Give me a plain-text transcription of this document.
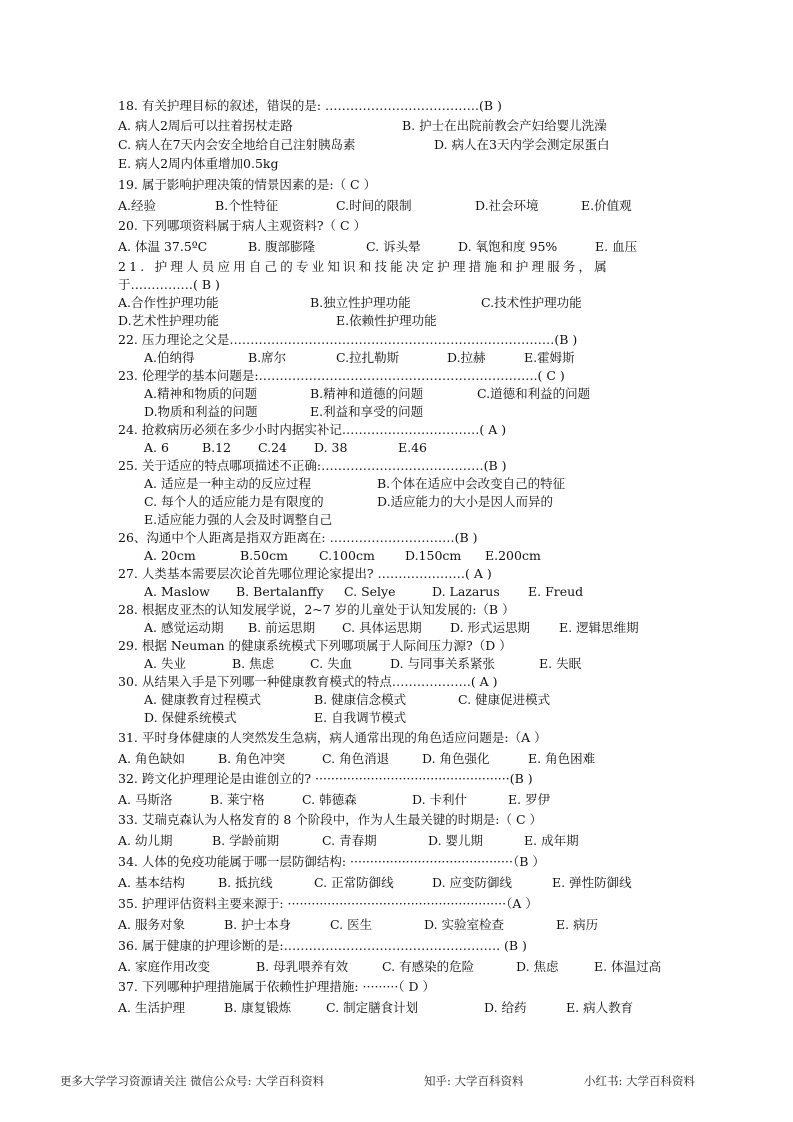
18. 有关护理目标的叙述，错误的是: ……………………………….(B )
A. 病人2周后可以拄着拐杖走路	B. 护士在出院前教会产妇给婴儿洗澡
C. 病人在7天内会安全地给自己注射胰岛素	D. 病人在3天内学会测定尿蛋白
E. 病人2周内体重增加0.5kg
19. 属于影响护理决策的情景因素的是:（ C ）
A.经验	B.个性特征	C.时间的限制	D.社会环境	E.价值观
20. 下列哪项资料属于病人主观资料?（ C ）
A. 体温 37.5ºC	B. 腹部膨隆	C. 诉头晕	D. 氧饱和度 95%	E. 血压
21. 护理人员应用自己的专业知识和技能决定护理措施和护理服务，属
于……………( B )
A.合作性护理功能	B.独立性护理功能	C.技术性护理功能
D.艺术性护理功能	E.依赖性护理功能
22. 压力理论之父是……………………………………………………………………(B )
A.伯纳得	B.席尔	C.拉扎勒斯	D.拉赫	E.霍姆斯
23. 伦理学的基本问题是:………………………………………………………….( C )
A.精神和物质的问题	B.精神和道德的问题	C.道德和利益的问题
D.物质和利益的问题	E.利益和享受的问题
24. 抢救病历必须在多少小时内据实补记……………………………( A )
A. 6	B.12 C.24 D. 38	E.46
25. 关于适应的特点哪项描述不正确:…………………………………(B )
A. 适应是一种主动的反应过程	B.个体在适应中会改变自己的特征
C. 每个人的适应能力是有限度的	D.适应能力的大小是因人而异的
E.适应能力强的人会及时调整自己
26、沟通中个人距离是指双方距离在: …………………………(B )
A. 20cm	B.50cm C.100cm D.150cm E.200cm
27. 人类基本需要层次论首先哪位理论家提出? …………………( A )
A. Maslow B. Bertalanffy C. Selye	D. Lazarus E. Freud
28. 根据皮亚杰的认知发展学说，2~7 岁的儿童处于认知发展的:（B ）
A. 感觉运动期 B. 前运思期 C. 具体运思期 D. 形式运思期 E. 逻辑思维期
29. 根据 Neuman 的健康系统模式下列哪项属于人际间压力源?（D ）
A. 失业	B. 焦虑	C. 失血	D. 与同事关系紧张	E. 失眠
30. 从结果入手是下列哪一种健康教育模式的特点……………….( A )
A. 健康教育过程模式	B. 健康信念模式	C. 健康促进模式
D. 保健系统模式	E. 自我调节模式
31. 平时身体健康的人突然发生急病，病人通常出现的角色适应问题是:（A ）
A. 角色缺如	B. 角色冲突	C. 角色消退	D. 角色强化	E. 角色困难
32. 跨文化护理理论是由谁创立的? ·················································(B )
A. 马斯洛	B. 莱宁格	C. 韩德森	D. 卡利什	E. 罗伊
33. 艾瑞克森认为人格发育的 8 个阶段中，作为人生最关键的时期是:（ C ）
A. 幼儿期	B. 学龄前期	C. 青春期	D. 婴儿期	E. 成年期
34. 人体的免疫功能属于哪一层防御结构: ·········································（B ）
A. 基本结构	B. 抵抗线	C. 正常防御线	D. 应变防御线	E. 弹性防御线
35. 护理评估资料主要来源于: ·······················································（A ）
A. 服务对象	B. 护士本身	C. 医生	D. 实验室检查	E. 病历
36. 属于健康的护理诊断的是:……………………………………………. (B )
A. 家庭作用改变	B. 母乳喂养有效	C. 有感染的危险	D. 焦虑	E. 体温过高
37. 下列哪种护理措施属于依赖性护理措施: ·········（ D ）
A. 生活护理	B. 康复锻炼	C. 制定膳食计划	D. 给药	E. 病人教育
更多大学学习资源请关注 微信公众号: 大学百科资料	知乎: 大学百科资料	小红书: 大学百科资料
